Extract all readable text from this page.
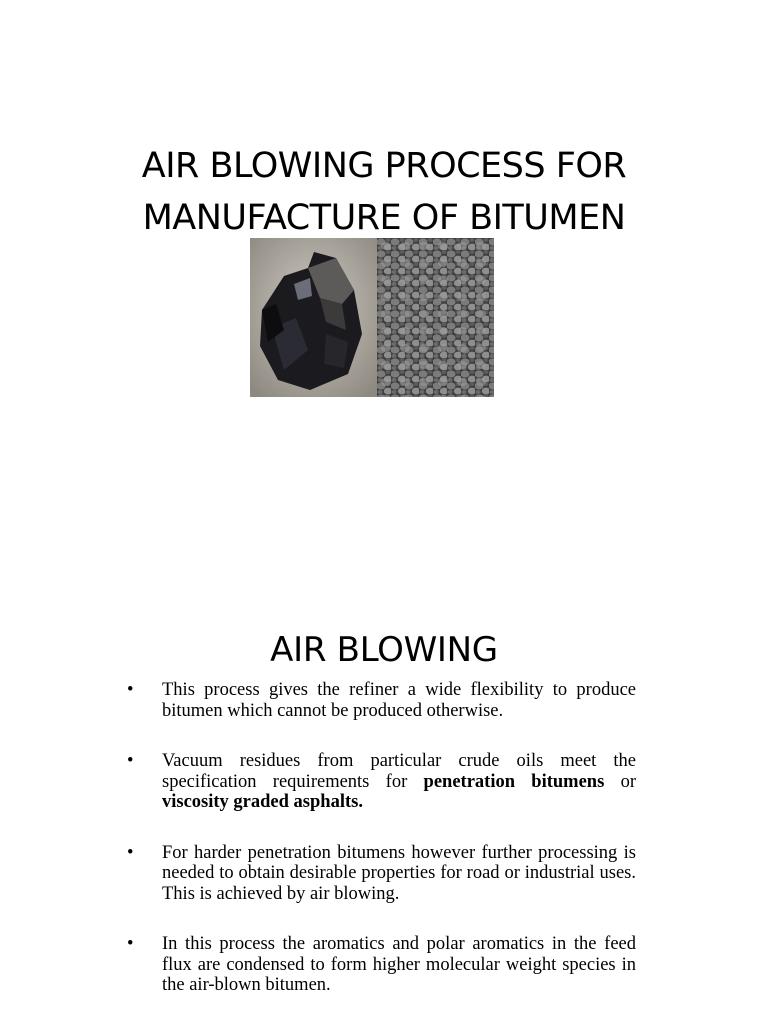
AIR BLOWING PROCESS FOR
MANUFACTURE OF BITUMEN
AIR BLOWING
• This process gives the refiner a wide flexibility to produce bitumen which cannot be produced otherwise.
• Vacuum residues from particular crude oils meet the specification requirements for penetration bitumens or viscosity graded asphalts.
• For harder penetration bitumens however further processing is needed to obtain desirable properties for road or industrial uses. This is achieved by air blowing.
• In this process the aromatics and polar aromatics in the feed flux are condensed to form higher molecular weight species in the air-blown bitumen.
